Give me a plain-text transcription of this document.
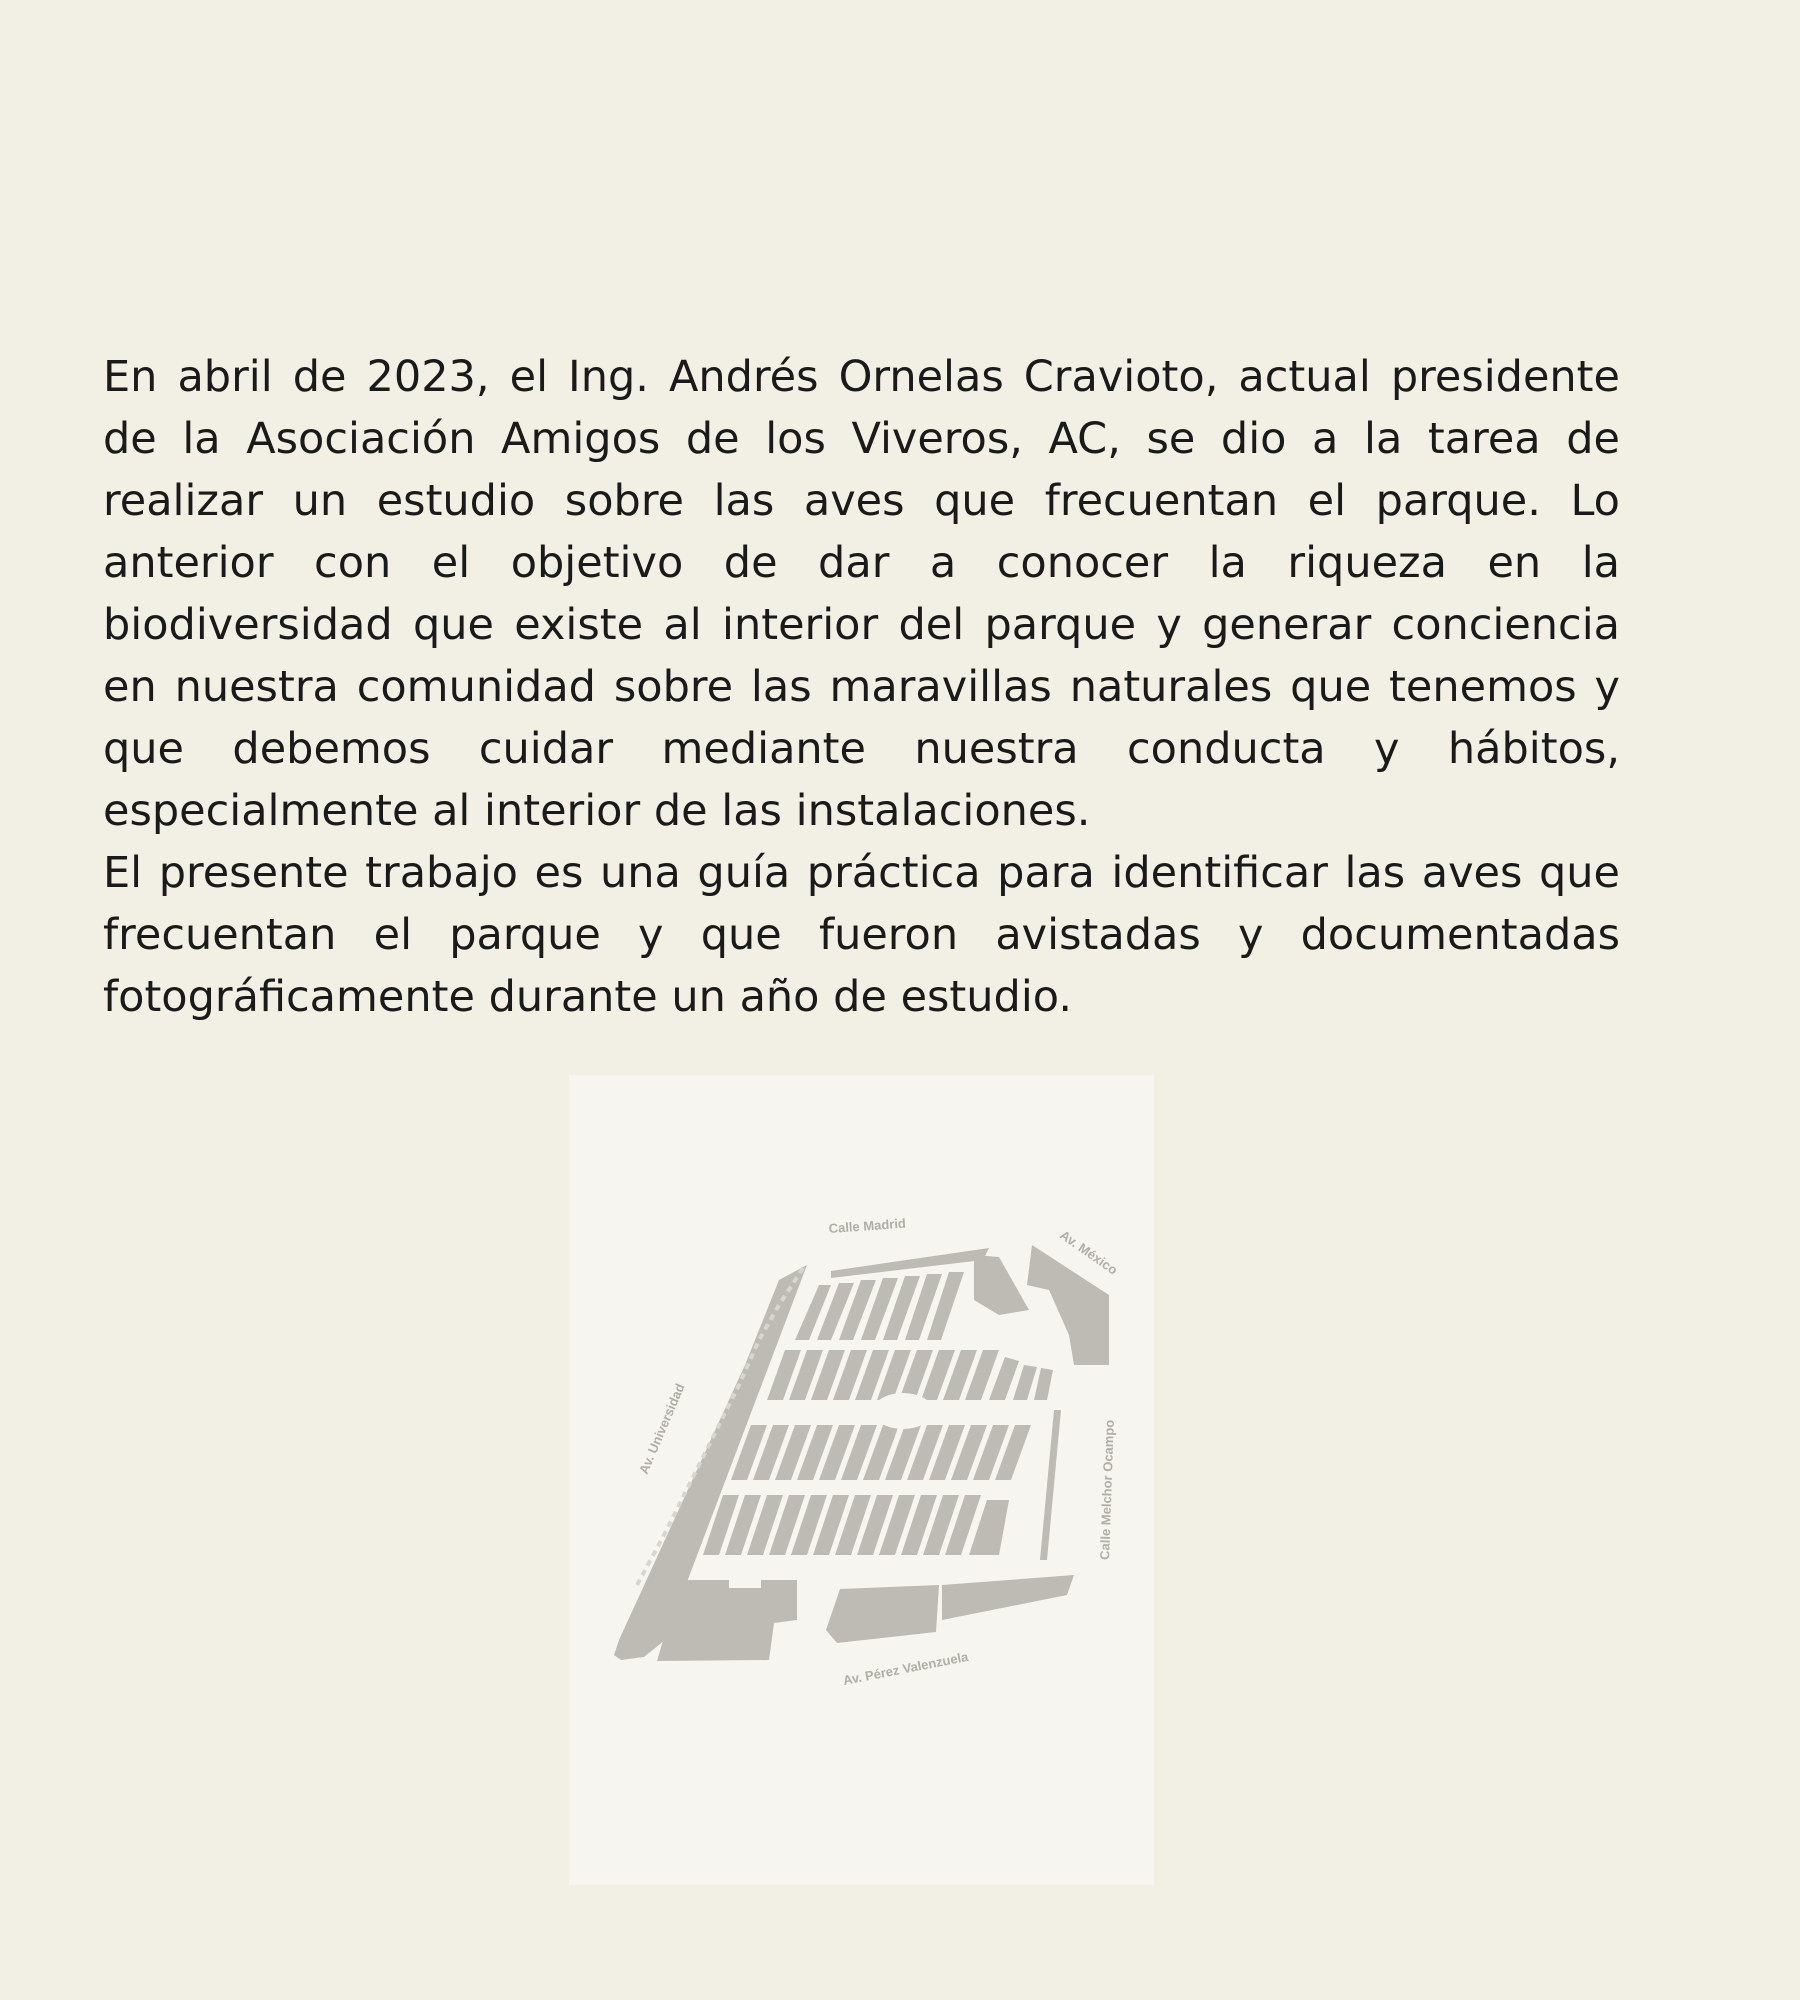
En abril de 2023, el Ing. Andrés Ornelas Cravioto, actual presidente de la Asociación Amigos de los Viveros, AC, se dio a la tarea de realizar un estudio sobre las aves que frecuentan el parque. Lo anterior con el objetivo de dar a conocer la riqueza en la biodiversidad que existe al interior del parque y generar conciencia en nuestra comunidad sobre las maravillas naturales que tenemos y que debemos cuidar mediante nuestra conducta y hábitos, especialmente al interior de las instalaciones.

El presente trabajo es una guía práctica para identificar las aves que frecuentan el parque y que fueron avistadas y documentadas fotográficamente durante un año de estudio.

Calle Madrid
Av. México
Av. Universidad	Calle Melchor Ocampo
Av. Pérez Valenzuela
